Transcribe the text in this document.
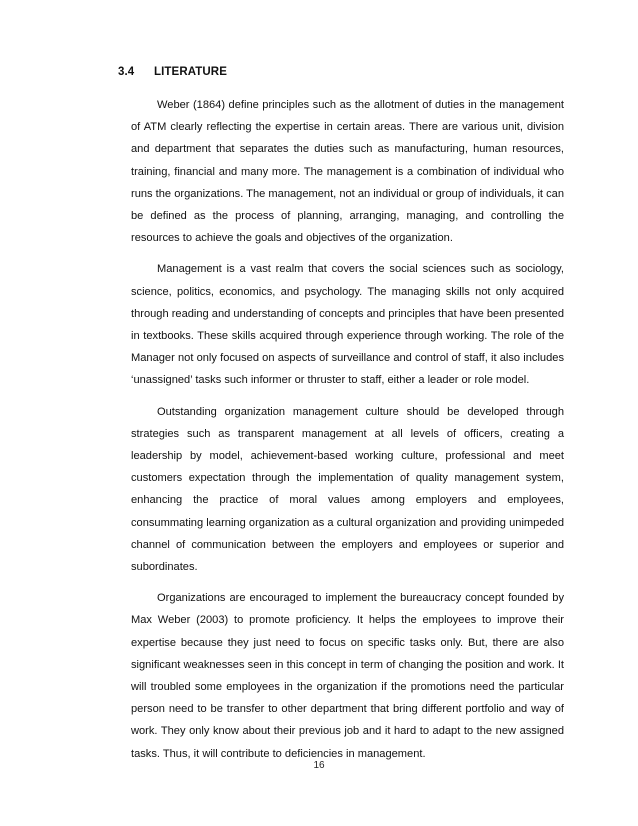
3.4	LITERATURE

Weber (1864) define principles such as the allotment of duties in the management of ATM clearly reflecting the expertise in certain areas. There are various unit, division and department that separates the duties such as manufacturing, human resources, training, financial and many more. The management is a combination of individual who runs the organizations. The management, not an individual or group of individuals, it can be defined as the process of planning, arranging, managing, and controlling the resources to achieve the goals and objectives of the organization.

Management is a vast realm that covers the social sciences such as sociology, science, politics, economics, and psychology. The managing skills not only acquired through reading and understanding of concepts and principles that have been presented in textbooks. These skills acquired through experience through working. The role of the Manager not only focused on aspects of surveillance and control of staff, it also includes ‘unassigned’ tasks such informer or thruster to staff, either a leader or role model.

Outstanding organization management culture should be developed through strategies such as transparent management at all levels of officers, creating a leadership by model, achievement-based working culture, professional and meet customers expectation through the implementation of quality management system, enhancing the practice of moral values among employers and employees, consummating learning organization as a cultural organization and providing unimpeded channel of communication between the employers and employees or superior and subordinates.

Organizations are encouraged to implement the bureaucracy concept founded by Max Weber (2003) to promote proficiency. It helps the employees to improve their expertise because they just need to focus on specific tasks only. But, there are also significant weaknesses seen in this concept in term of changing the position and work. It will troubled some employees in the organization if the promotions need the particular person need to be transfer to other department that bring different portfolio and way of work. They only know about their previous job and it hard to adapt to the new assigned tasks. Thus, it will contribute to deficiencies in management.

16
